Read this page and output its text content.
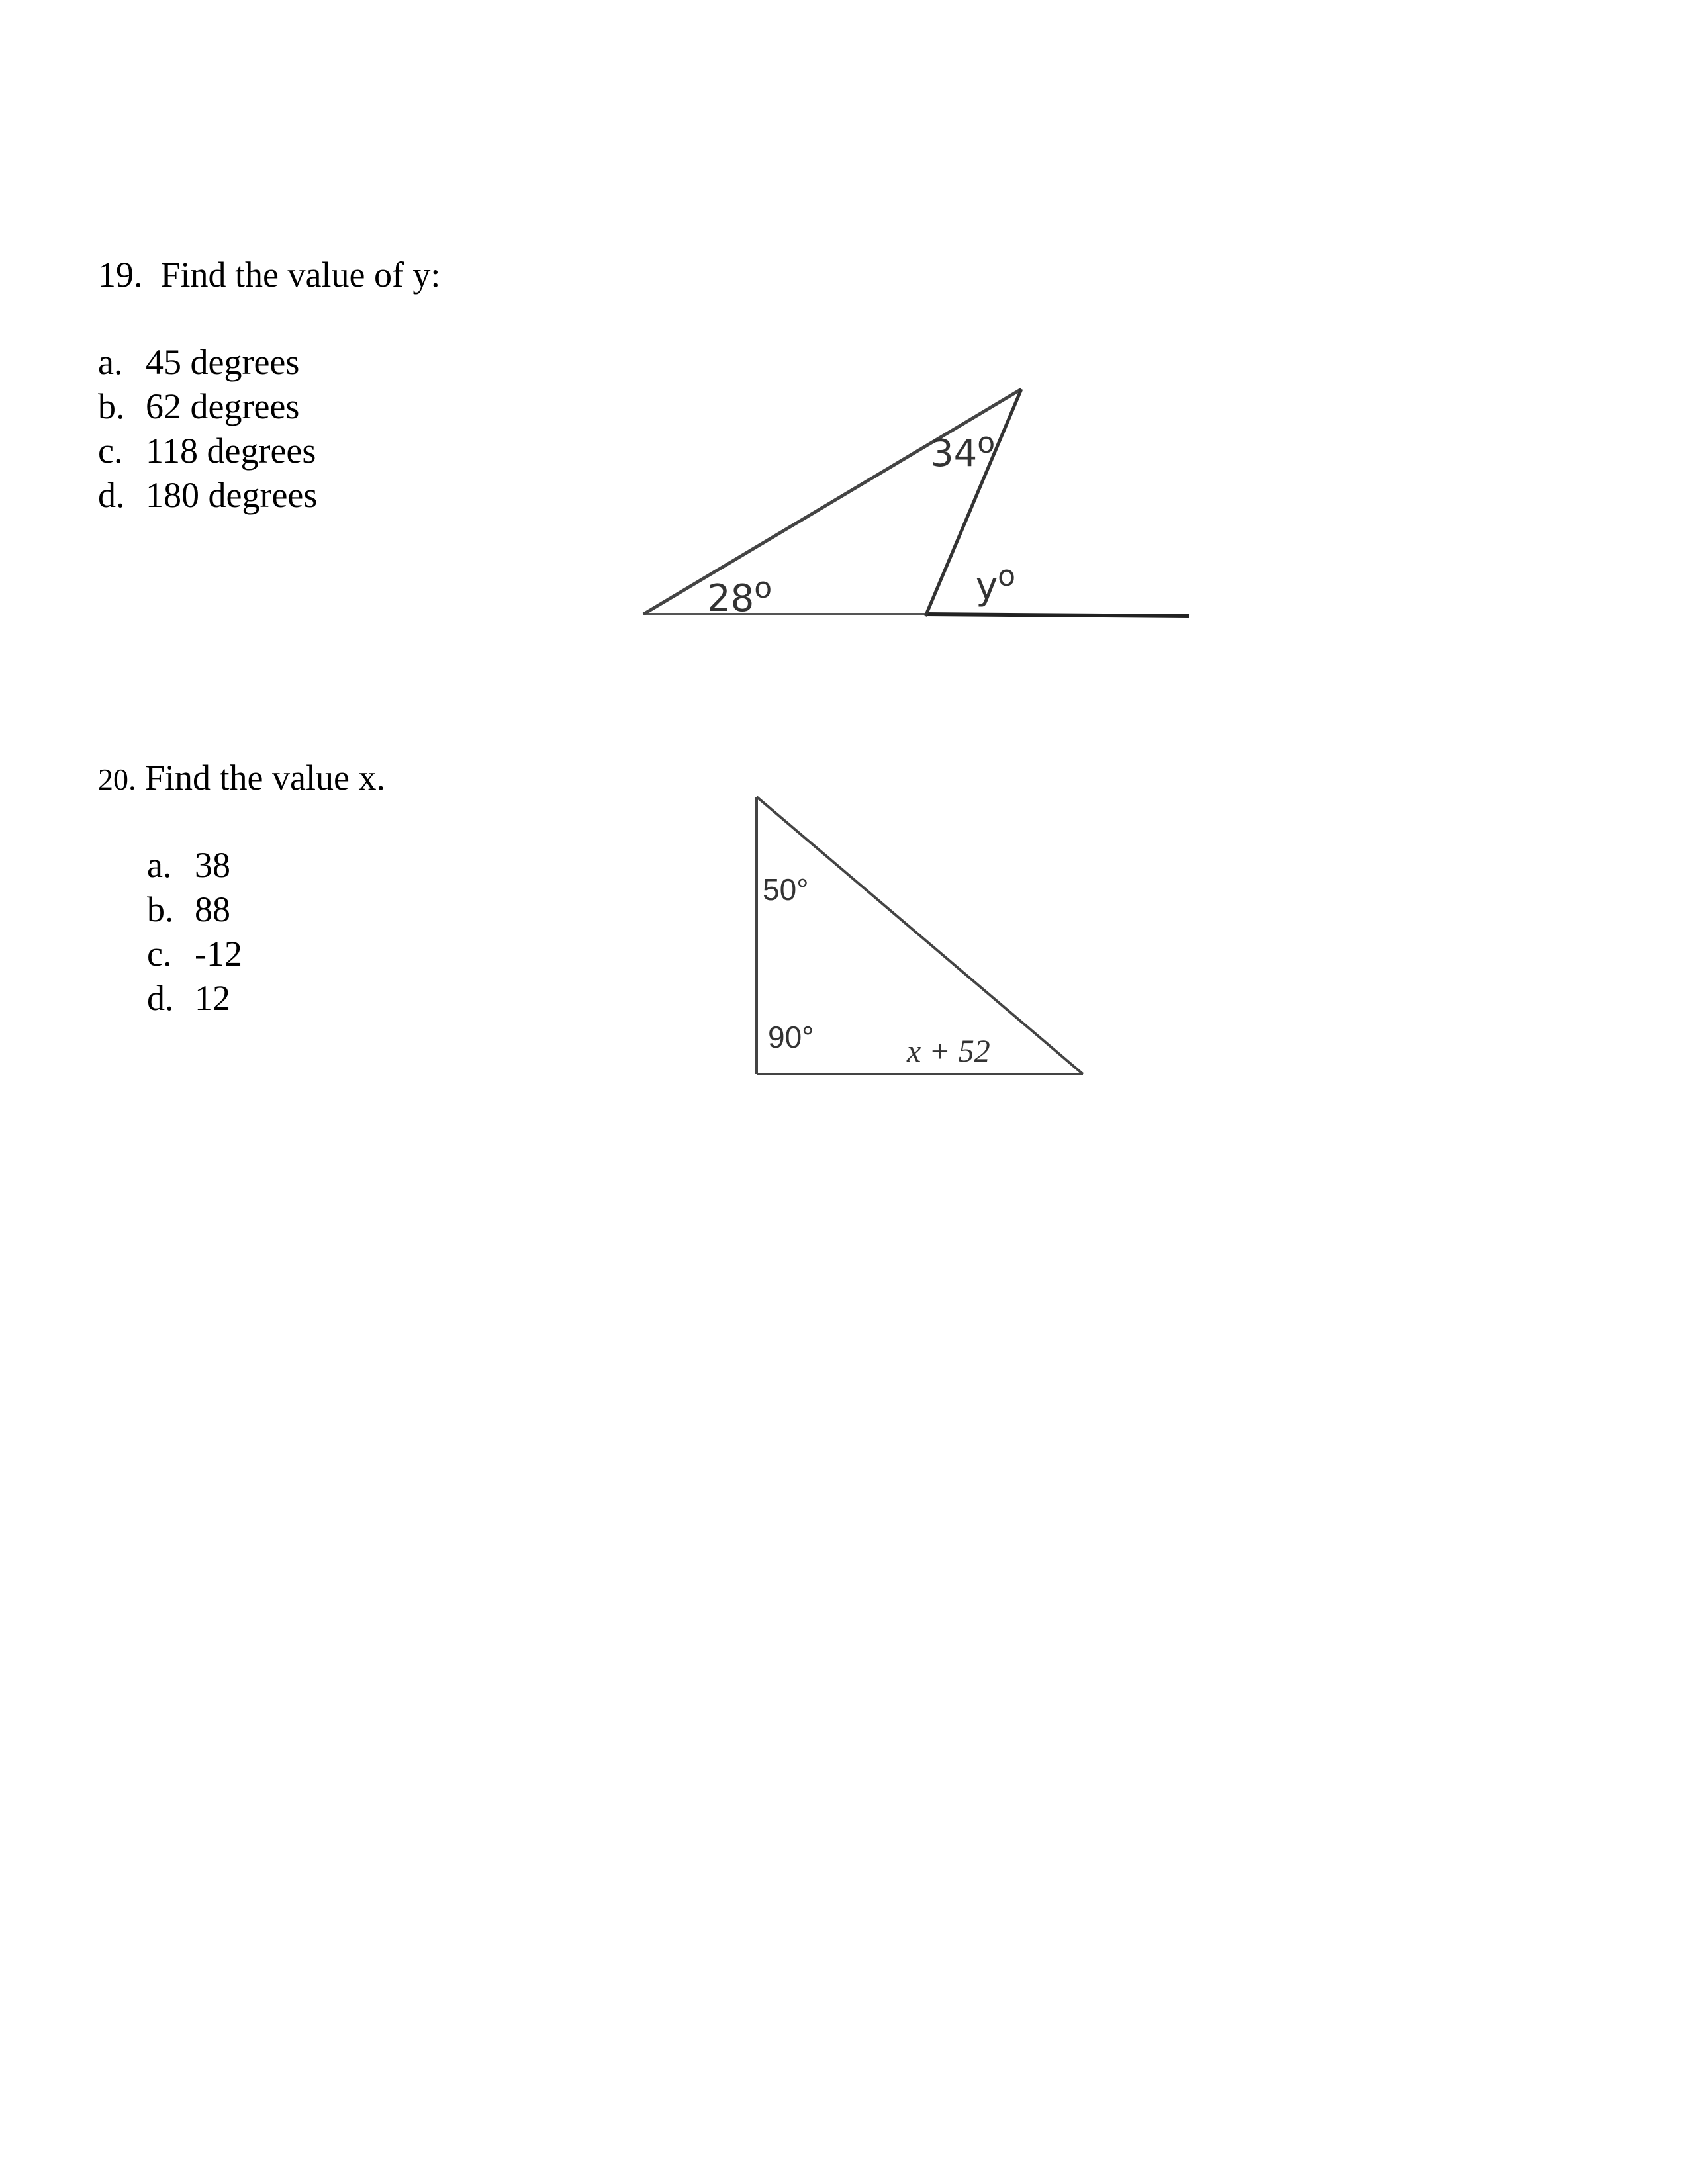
19. Find the value of y:
a. 45 degrees
b. 62 degrees
c. 118 degrees
d. 180 degrees
28$^o$
34$^o$
$y^o$
20. Find the value x.
a. 38
b. 88
c. -12
d. 12
50°
90°	x + 52
